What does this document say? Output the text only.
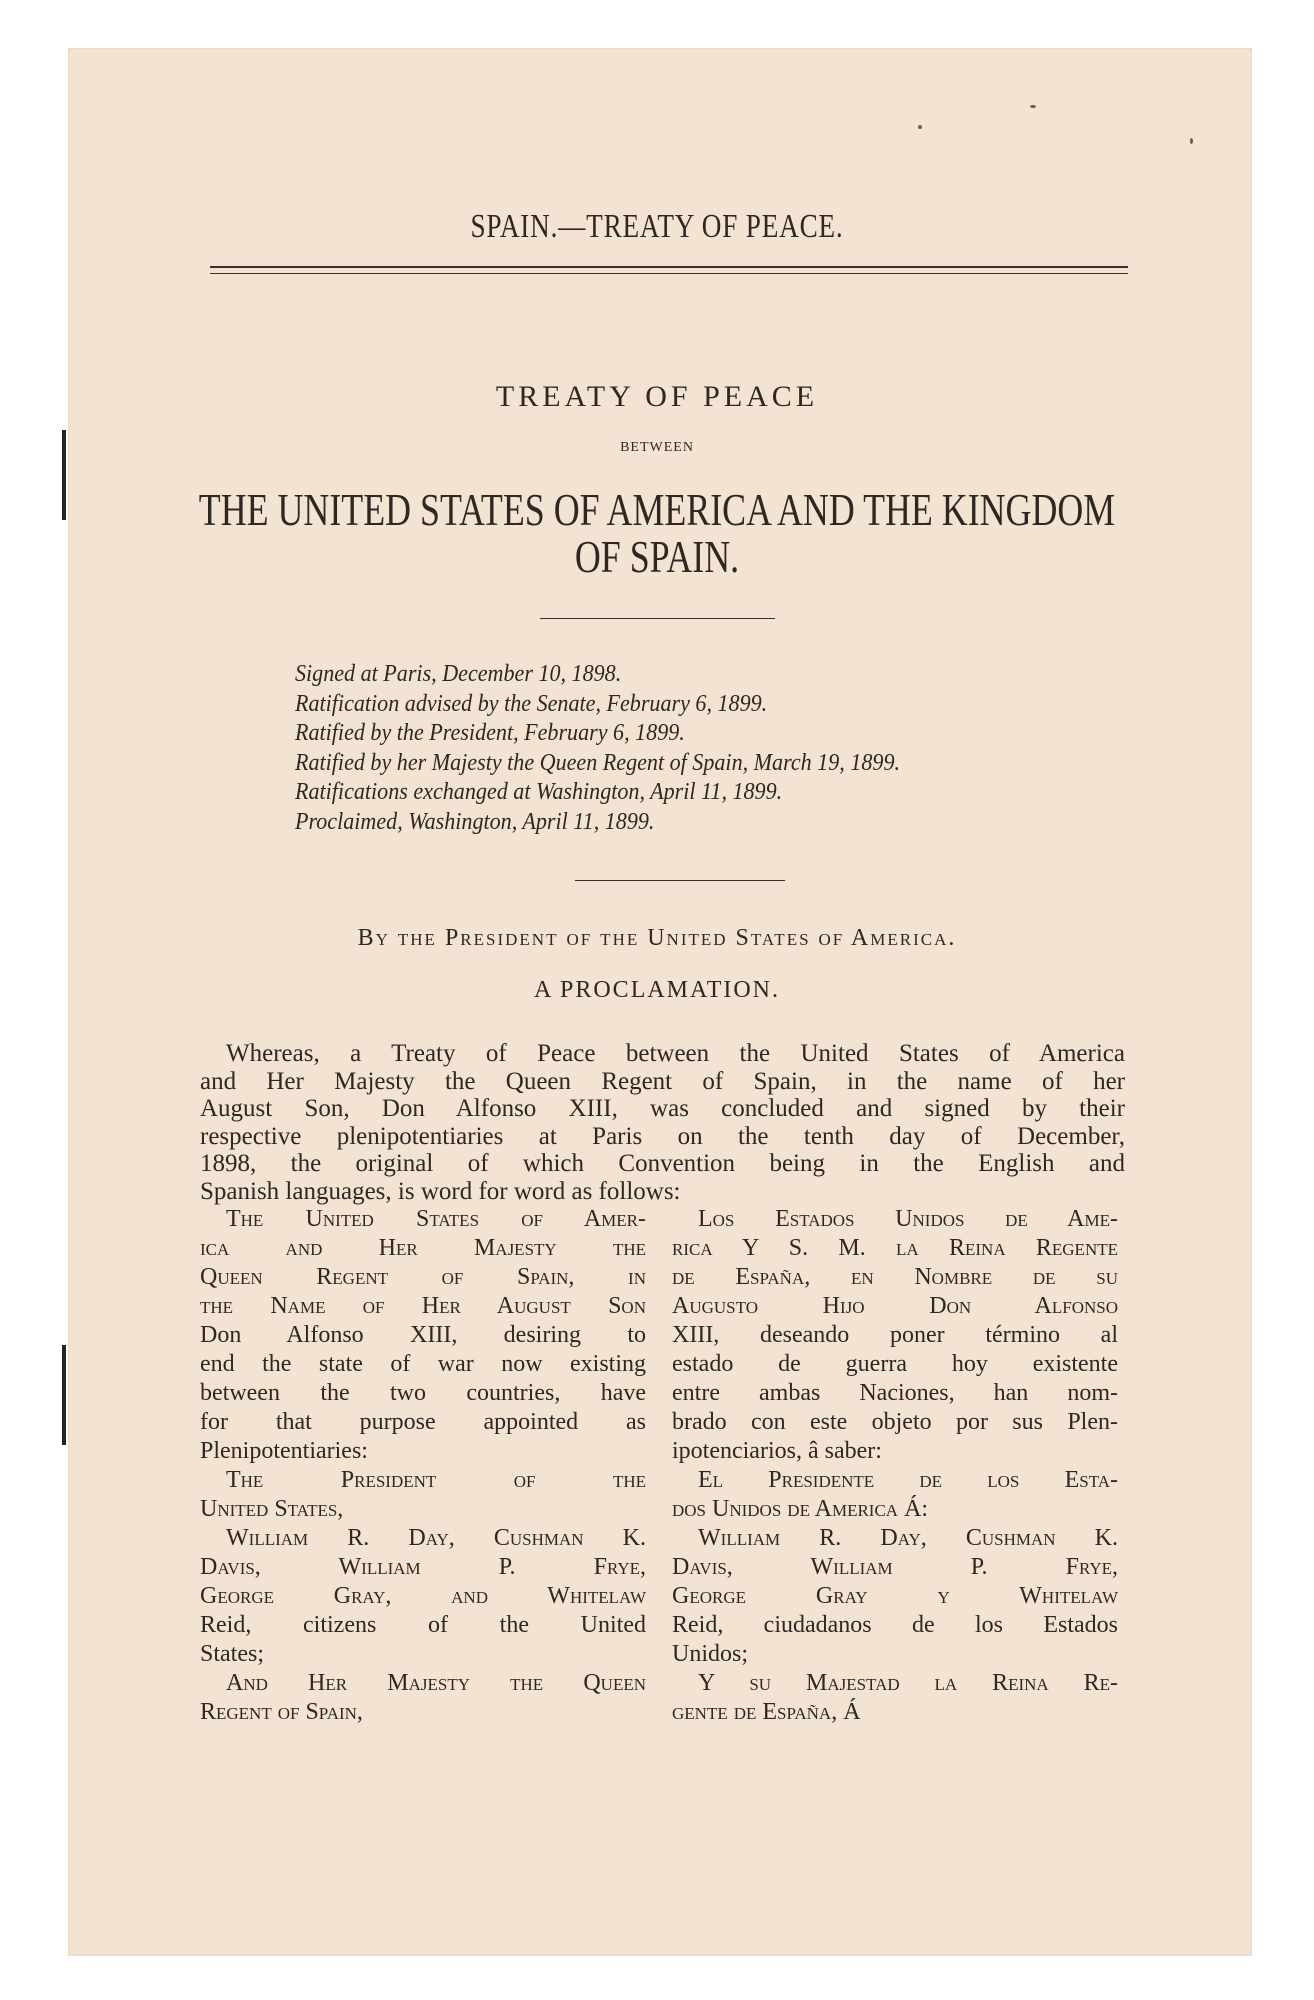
SPAIN.—TREATY OF PEACE.
TREATY OF PEACE
BETWEEN
THE UNITED STATES OF AMERICA AND THE KINGDOM
OF SPAIN.
Signed at Paris, December 10, 1898.
Ratification advised by the Senate, February 6, 1899.
Ratified by the President, February 6, 1899.
Ratified by her Majesty the Queen Regent of Spain, March 19, 1899.
Ratifications exchanged at Washington, April 11, 1899.
Proclaimed, Washington, April 11, 1899.
By the President of the United States of America.
A PROCLAMATION.
Whereas, a Treaty of Peace between the United States of America
and Her Majesty the Queen Regent of Spain, in the name of her
August Son, Don Alfonso XIII, was concluded and signed by their
respective plenipotentiaries at Paris on the tenth day of December,
1898, the original of which Convention being in the English and
Spanish languages, is word for word as follows:
The United States of Amer-
ica and Her Majesty the
Queen Regent of Spain, in
the Name of Her August Son
Don Alfonso XIII, desiring to
end the state of war now existing
between the two countries, have
for that purpose appointed as
Plenipotentiaries:
The President of the
United States,
William R. Day, Cushman K.
Davis, William P. Frye,
George Gray, and Whitelaw
Reid, citizens of the United
States;
And Her Majesty the Queen
Regent of Spain,
Los Estados Unidos de Ame-
rica Y S. M. la Reina Regente
de España, en Nombre de su
Augusto Hijo Don Alfonso
XIII, deseando poner término al
estado de guerra hoy existente
entre ambas Naciones, han nom-
brado con este objeto por sus Plen-
ipotenciarios, â saber:
El Presidente de los Esta-
dos Unidos de America Á:
William R. Day, Cushman K.
Davis, William P. Frye,
George Gray y Whitelaw
Reid, ciudadanos de los Estados
Unidos;
Y su Majestad la Reina Re-
gente de España, Á
